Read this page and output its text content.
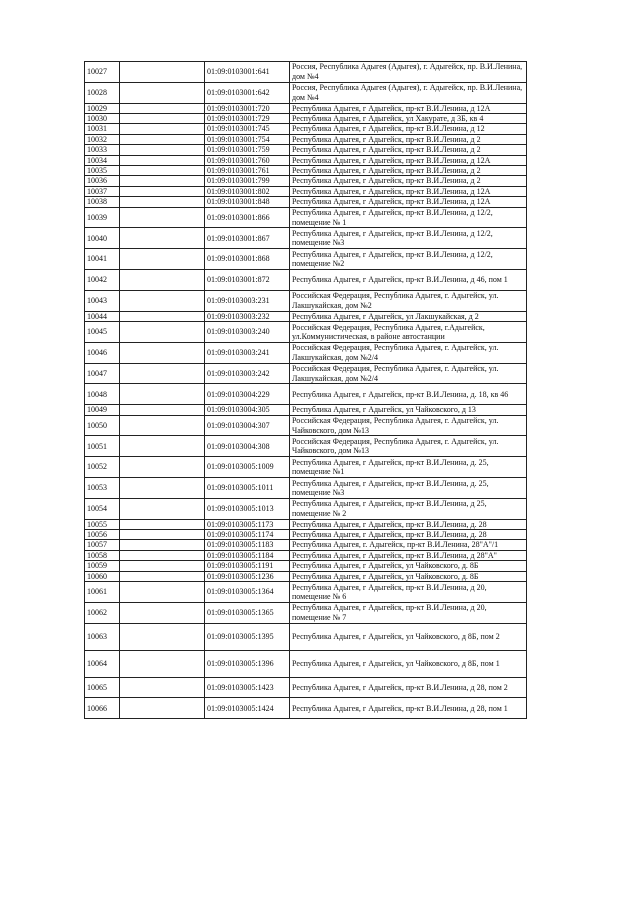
10027		01:09:0103001:641	Россия, Республика Адыгея (Адыгея), г. Адыгейск, пр. В.И.Ленина, дом №4
10028		01:09:0103001:642	Россия, Республика Адыгея (Адыгея), г. Адыгейск, пр. В.И.Ленина, дом №4
10029		01:09:0103001:720	Республика Адыгея, г Адыгейск, пр-кт В.И.Ленина, д 12А
10030		01:09:0103001:729	Республика Адыгея, г Адыгейск, ул Хакурате, д 3Б, кв 4
10031		01:09:0103001:745	Республика Адыгея, г Адыгейск, пр-кт В.И.Ленина, д 12
10032		01:09:0103001:754	Республика Адыгея, г Адыгейск, пр-кт В.И.Ленина, д 2
10033		01:09:0103001:759	Республика Адыгея, г Адыгейск, пр-кт В.И.Ленина, д 2
10034		01:09:0103001:760	Республика Адыгея, г Адыгейск, пр-кт В.И.Ленина, д 12А
10035		01:09:0103001:761	Республика Адыгея, г Адыгейск, пр-кт В.И.Ленина, д 2
10036		01:09:0103001:799	Республика Адыгея, г Адыгейск, пр-кт В.И.Ленина, д 2
10037		01:09:0103001:802	Республика Адыгея, г Адыгейск, пр-кт В.И.Ленина, д 12А
10038		01:09:0103001:848	Республика Адыгея, г Адыгейск, пр-кт В.И.Ленина, д 12А
10039		01:09:0103001:866	Республика Адыгея, г Адыгейск, пр-кт В.И.Ленина, д 12/2, помещение № 1
10040		01:09:0103001:867	Республика Адыгея, г Адыгейск, пр-кт В.И.Ленина, д 12/2, помещение №3
10041		01:09:0103001:868	Республика Адыгея, г Адыгейск, пр-кт В.И.Ленина, д 12/2, помещение №2
10042		01:09:0103001:872	Республика Адыгея, г Адыгейск, пр-кт В.И.Ленина, д 46, пом 1
10043		01:09:0103003:231	Российская Федерация, Республика Адыгея, г. Адыгейск, ул. Лакшукайская, дом №2
10044		01:09:0103003:232	Республика Адыгея, г Адыгейск, ул Лакшукайская, д 2
10045		01:09:0103003:240	Российская Федерация, Республика Адыгея, г.Адыгейск, ул.Коммунистическая, в районе автостанции
10046		01:09:0103003:241	Российская Федерация, Республика Адыгея, г. Адыгейск, ул. Лакшукайская, дом №2/4
10047		01:09:0103003:242	Российская Федерация, Республика Адыгея, г. Адыгейск, ул. Лакшукайская, дом №2/4
10048		01:09:0103004:229	Республика Адыгея, г Адыгейск, пр-кт В.И.Ленина, д. 18, кв 46
10049		01:09:0103004:305	Республика Адыгея, г Адыгейск, ул Чайковского, д 13
10050		01:09:0103004:307	Российская Федерация, Республика Адыгея, г. Адыгейск, ул. Чайковского, дом №13
10051		01:09:0103004:308	Российская Федерация, Республика Адыгея, г. Адыгейск, ул. Чайковского, дом №13
10052		01:09:0103005:1009	Республика Адыгея, г Адыгейск, пр-кт В.И.Ленина, д. 25, помещение №1
10053		01:09:0103005:1011	Республика Адыгея, г Адыгейск, пр-кт В.И.Ленина, д. 25, помещение №3
10054		01:09:0103005:1013	Республика Адыгея, г Адыгейск, пр-кт В.И.Ленина, д 25, помещение № 2
10055		01:09:0103005:1173	Республика Адыгея, г Адыгейск, пр-кт В.И.Ленина, д. 28
10056		01:09:0103005:1174	Республика Адыгея, г Адыгейск, пр-кт В.И.Ленина, д. 28
10057		01:09:0103005:1183	Республика Адыгея, г. Адыгейск, пр-кт В.И.Ленина, 28"А"/1
10058		01:09:0103005:1184	Республика Адыгея, г Адыгейск, пр-кт В.И.Ленина, д 28"А"
10059		01:09:0103005:1191	Республика Адыгея, г Адыгейск, ул Чайковского, д. 8Б
10060		01:09:0103005:1236	Республика Адыгея, г Адыгейск, ул Чайковского, д. 8Б
10061		01:09:0103005:1364	Республика Адыгея, г Адыгейск, пр-кт В.И.Ленина, д 20, помещение № 6
10062		01:09:0103005:1365	Республика Адыгея, г Адыгейск, пр-кт В.И.Ленина, д 20, помещение № 7
10063		01:09:0103005:1395	Республика Адыгея, г Адыгейск, ул Чайковского, д 8Б, пом 2
10064		01:09:0103005:1396	Республика Адыгея, г Адыгейск, ул Чайковского, д 8Б, пом 1
10065		01:09:0103005:1423	Республика Адыгея, г Адыгейск, пр-кт В.И.Ленина, д 28, пом 2
10066		01:09:0103005:1424	Республика Адыгея, г Адыгейск, пр-кт В.И.Ленина, д 28, пом 1
